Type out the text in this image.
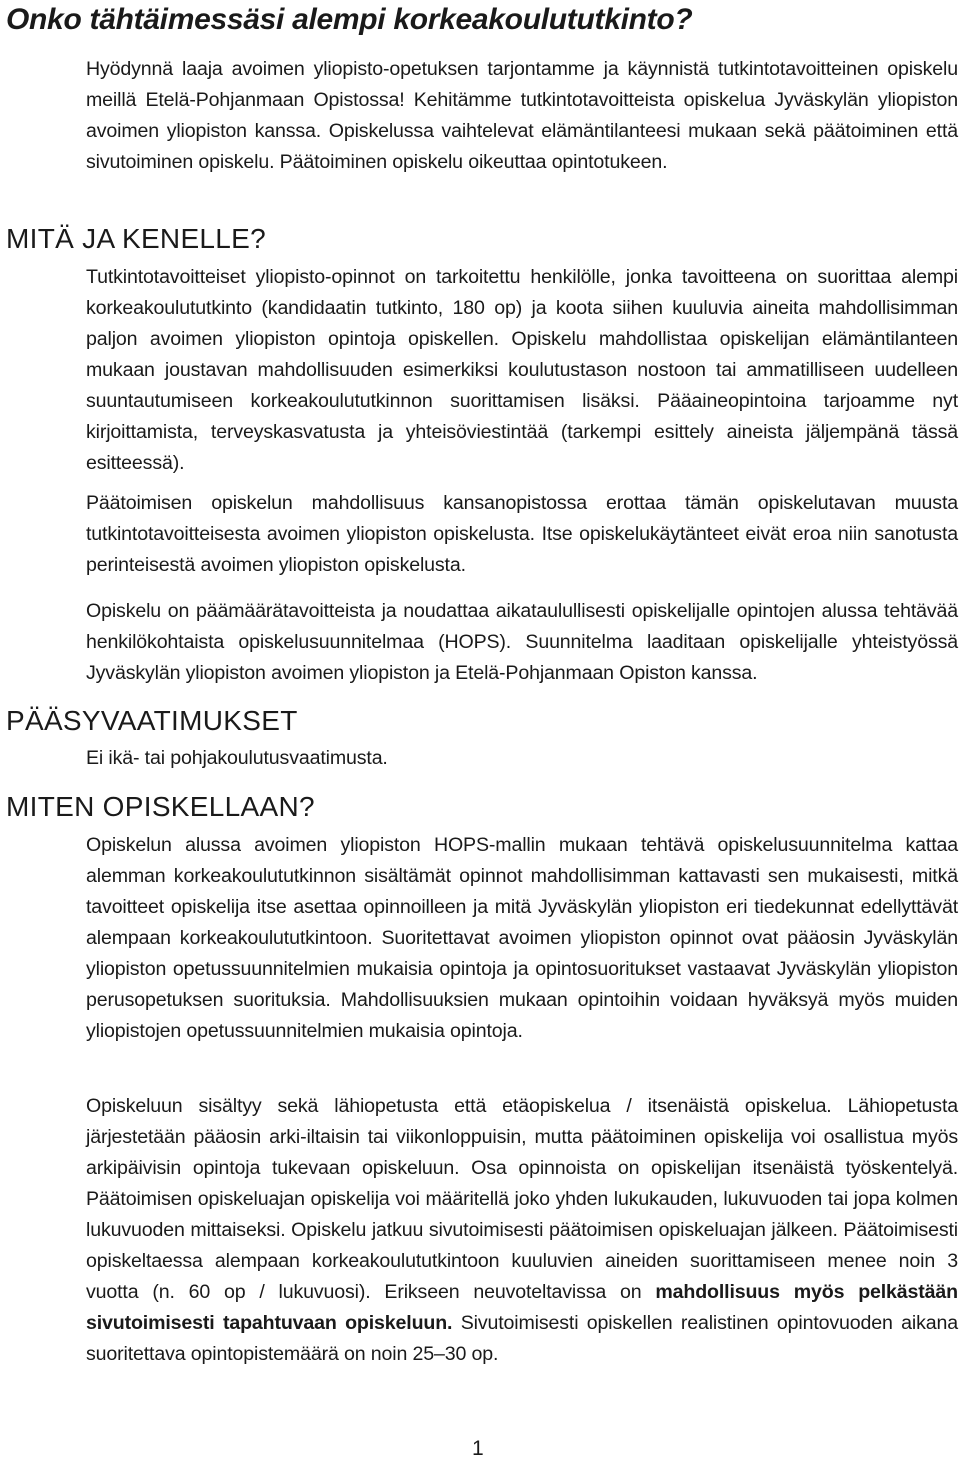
Onko tähtäimessäsi alempi korkeakoulututkinto?

Hyödynnä laaja avoimen yliopisto-opetuksen tarjontamme ja käynnistä tutkintotavoitteinen opiskelu meillä Etelä-Pohjanmaan Opistossa! Kehitämme tutkintotavoitteista opiskelua Jyväskylän yliopiston avoimen yliopiston kanssa. Opiskelussa vaihtelevat elämäntilanteesi mukaan sekä päätoiminen että sivutoiminen opiskelu. Päätoiminen opiskelu oikeuttaa opintotukeen.

MITÄ JA KENELLE?

Tutkintotavoitteiset yliopisto-opinnot on tarkoitettu henkilölle, jonka tavoitteena on suorittaa alempi korkeakoulututkinto (kandidaatin tutkinto, 180 op) ja koota siihen kuuluvia aineita mahdollisimman paljon avoimen yliopiston opintoja opiskellen. Opiskelu mahdollistaa opiskelijan elämäntilanteen mukaan joustavan mahdollisuuden esimerkiksi koulutustason nostoon tai ammatilliseen uudelleen suuntautumiseen korkeakoulututkinnon suorittamisen lisäksi. Pääaineopintoina tarjoamme nyt kirjoittamista, terveyskasvatusta ja yhteisöviestintää (tarkempi esittely aineista jäljempänä tässä esitteessä).

Päätoimisen opiskelun mahdollisuus kansanopistossa erottaa tämän opiskelutavan muusta tutkintotavoitteisesta avoimen yliopiston opiskelusta. Itse opiskelukäytänteet eivät eroa niin sanotusta perinteisestä avoimen yliopiston opiskelusta.

Opiskelu on päämäärätavoitteista ja noudattaa aikataulullisesti opiskelijalle opintojen alussa tehtävää henkilökohtaista opiskelusuunnitelmaa (HOPS). Suunnitelma laaditaan opiskelijalle yhteistyössä Jyväskylän yliopiston avoimen yliopiston ja Etelä-Pohjanmaan Opiston kanssa.

PÄÄSYVAATIMUKSET

Ei ikä- tai pohjakoulutusvaatimusta.

MITEN OPISKELLAAN?

Opiskelun alussa avoimen yliopiston HOPS-mallin mukaan tehtävä opiskelusuunnitelma kattaa alemman korkeakoulututkinnon sisältämät opinnot mahdollisimman kattavasti sen mukaisesti, mitkä tavoitteet opiskelija itse asettaa opinnoilleen ja mitä Jyväskylän yliopiston eri tiedekunnat edellyttävät alempaan korkeakoulututkintoon. Suoritettavat avoimen yliopiston opinnot ovat pääosin Jyväskylän yliopiston opetussuunnitelmien mukaisia opintoja ja opintosuoritukset vastaavat Jyväskylän yliopiston perusopetuksen suorituksia. Mahdollisuuksien mukaan opintoihin voidaan hyväksyä myös muiden yliopistojen opetussuunnitelmien mukaisia opintoja.

Opiskeluun sisältyy sekä lähiopetusta että etäopiskelua / itsenäistä opiskelua. Lähiopetusta järjestetään pääosin arki-iltaisin tai viikonloppuisin, mutta päätoiminen opiskelija voi osallistua myös arkipäivisin opintoja tukevaan opiskeluun. Osa opinnoista on opiskelijan itsenäistä työskentelyä. Päätoimisen opiskeluajan opiskelija voi määritellä joko yhden lukukauden, lukuvuoden tai jopa kolmen lukuvuoden mittaiseksi. Opiskelu jatkuu sivutoimisesti päätoimisen opiskeluajan jälkeen. Päätoimisesti opiskeltaessa alempaan korkeakoulututkintoon kuuluvien aineiden suorittamiseen menee noin 3 vuotta (n. 60 op / lukuvuosi). Erikseen neuvoteltavissa on mahdollisuus myös pelkästään sivutoimisesti tapahtuvaan opiskeluun. Sivutoimisesti opiskellen realistinen opintovuoden aikana suoritettava opintopistemäärä on noin 25–30 op.

1
